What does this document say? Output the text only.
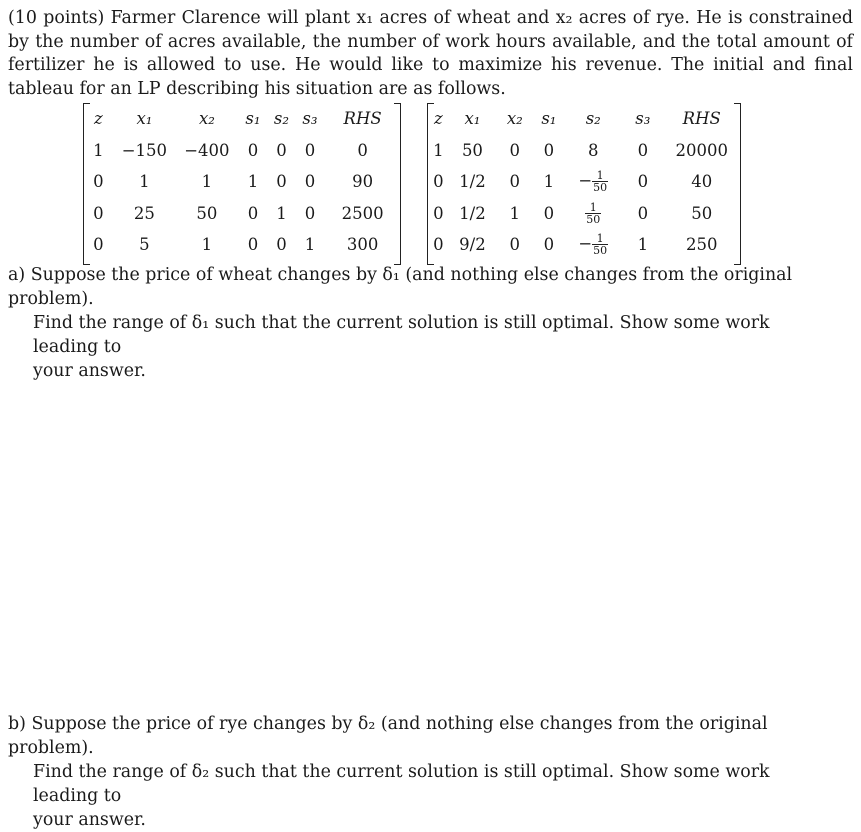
(10 points) Farmer Clarence will plant x₁ acres of wheat and x₂ acres of rye. He is constrained by the number of acres available, the number of work hours available, and the total amount of fertilizer he is allowed to use. He would like to maximize his revenue. The initial and final tableau for an LP describing his situation are as follows.
z	x₁	x₂	s₁	s₂	s₃	RHS
1	−150	−400	0	0	0	0
0	1	1	1	0	0	90
0	25	50	0	1	0	2500
0	5	1	0	0	1	300
z	x₁	x₂	s₁	s₂	s₃	RHS
1	50	0	0	8	0	20000
0	1/2	0	1	− $\frac{1}{50}$	0	40
0	1/2	1	0	$\frac{1}{50}$	0	50
0	9/2	0	0	− $\frac{1}{50}$	1	250
a) Suppose the price of wheat changes by δ₁ (and nothing else changes from the original problem).
Find the range of δ₁ such that the current solution is still optimal. Show some work leading to
your answer.
b) Suppose the price of rye changes by δ₂ (and nothing else changes from the original problem).
Find the range of δ₂ such that the current solution is still optimal. Show some work leading to
your answer.
